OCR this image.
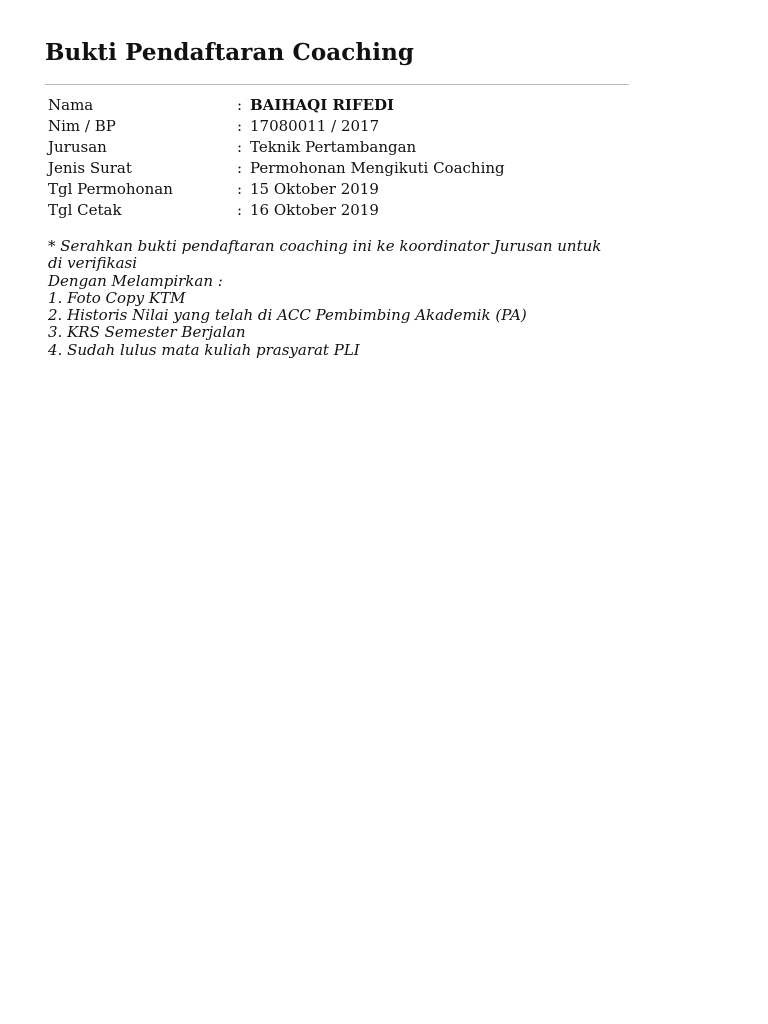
Bukti Pendaftaran Coaching
Nama	:	BAIHAQI RIFEDI
Nim / BP	:	17080011 / 2017
Jurusan	:	Teknik Pertambangan
Jenis Surat	:	Permohonan Mengikuti Coaching
Tgl Permohonan	:	15 Oktober 2019
Tgl Cetak	:	16 Oktober 2019
* Serahkan bukti pendaftaran coaching ini ke koordinator Jurusan untuk di verifikasi
Dengan Melampirkan :
1. Foto Copy KTM
2. Historis Nilai yang telah di ACC Pembimbing Akademik (PA)
3. KRS Semester Berjalan
4. Sudah lulus mata kuliah prasyarat PLI
